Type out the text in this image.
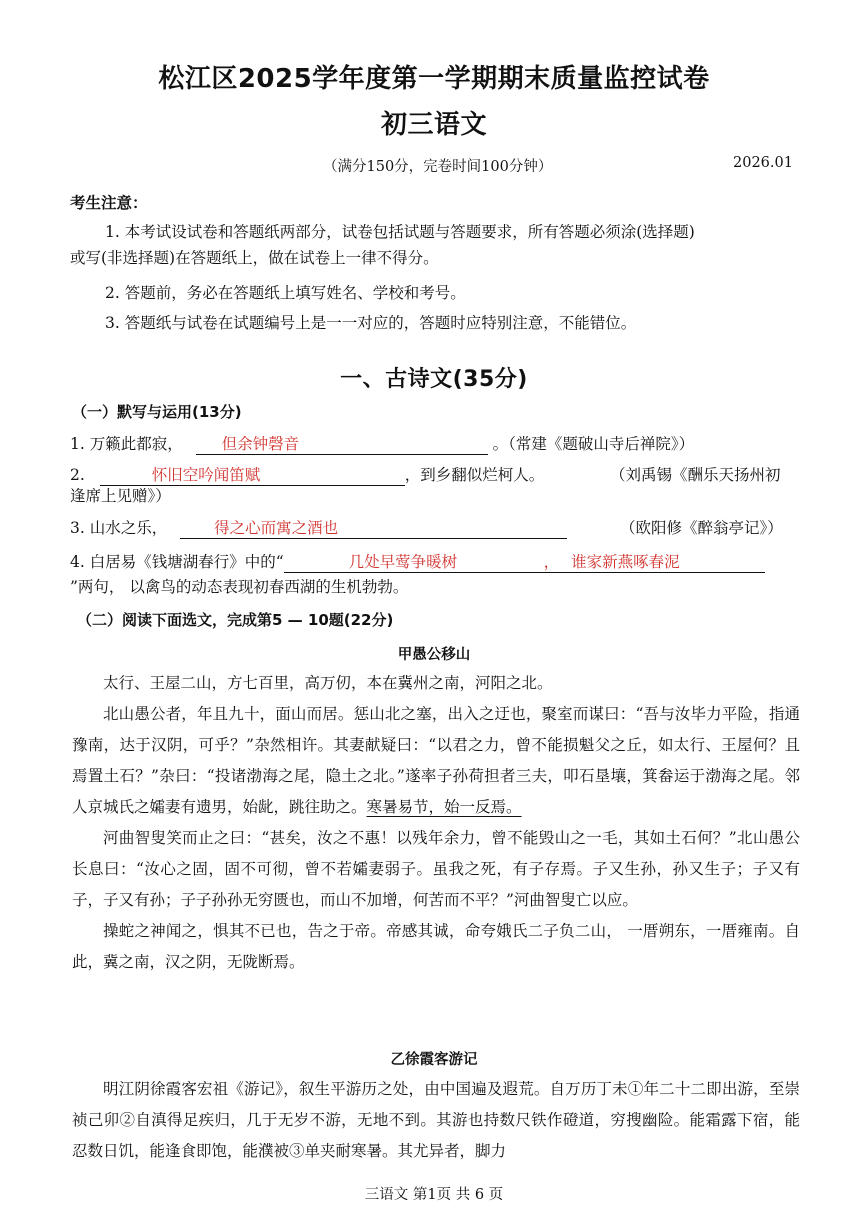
松江区2025学年度第一学期期末质量监控试卷
初三语文
（满分150分，完卷时间100分钟）	2026.01
考生注意：
1. 本考试设试卷和答题纸两部分，试卷包括试题与答题要求，所有答题必须涂(选择题)
或写(非选择题)在答题纸上，做在试卷上一律不得分。
2. 答题前，务必在答题纸上填写姓名、学校和考号。
3. 答题纸与试卷在试题编号上是一一对应的，答题时应特别注意，不能错位。
一、古诗文(35分)
（一）默写与运用(13分)
1. 万籁此都寂，	但余钟磬音	。（常建《题破山寺后禅院》）
2.	怀旧空吟闻笛赋	，到乡翻似烂柯人。	（刘禹锡《酬乐天扬州初
逢席上见赠》）
3. 山水之乐，	得之心而寓之酒也	（欧阳修《醉翁亭记》）
4. 白居易《钱塘湖春行》中的“	几处早莺争暖树	， 谁家新燕啄春泥
”两句， 以禽鸟的动态表现初春西湖的生机勃勃。
（二）阅读下面选文，完成第5 — 10题(22分)
甲愚公移山

太行、王屋二山，方七百里，高万仞，本在冀州之南，河阳之北。

北山愚公者，年且九十，面山而居。惩山北之塞，出入之迂也，聚室而谋曰：“吾与汝毕力平险，指通豫南，达于汉阴，可乎？”杂然相许。其妻献疑曰：“以君之力，曾不能损魁父之丘，如太行、王屋何？且焉置土石？”杂曰：“投诸渤海之尾，隐土之北。”遂率子孙荷担者三夫，叩石垦壤，箕畚运于渤海之尾。邻人京城氏之孀妻有遗男，始龀，跳往助之。寒暑易节，始一反焉。

河曲智叟笑而止之曰：“甚矣，汝之不惠！以残年余力，曾不能毁山之一毛，其如土石何？”北山愚公长息曰：“汝心之固，固不可彻，曾不若孀妻弱子。虽我之死，有子存焉。子又生孙，孙又生子；子又有子，子又有孙；子子孙孙无穷匮也，而山不加增，何苦而不平？”河曲智叟亡以应。

操蛇之神闻之，惧其不已也，告之于帝。帝感其诚，命夸娥氏二子负二山， 一厝朔东，一厝雍南。自此，冀之南，汉之阴，无陇断焉。

乙徐霞客游记

明江阴徐霞客宏祖《游记》，叙生平游历之处，由中国遍及遐荒。自万历丁未①年二十二即出游，至崇祯己卯②自滇得足疾归，几于无岁不游，无地不到。其游也持数尺铁作磴道，穷搜幽险。能霜露下宿，能忍数日饥，能逢食即饱，能濮被③单夹耐寒暑。其尤异者，脚力

三语文 第1页 共 6 页
